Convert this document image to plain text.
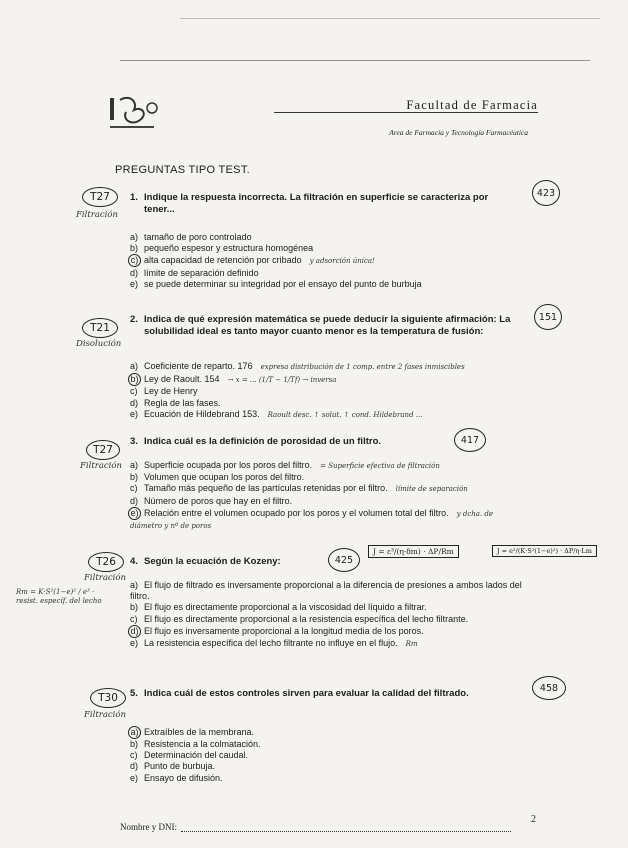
Facultad de Farmacia
Area de Farmacia y Tecnología Farmacéutica
PREGUNTAS TIPO TEST.
T27
Filtración
1. Indique la respuesta incorrecta. La filtración en superficie se caracteriza por tener...
423
a) tamaño de poro controlado
b) pequeño espesor y estructura homogénea
c) alta capacidad de retención por cribado y adsorción única!
d) límite de separación definido
e) se puede determinar su integridad por el ensayo del punto de burbuja
T21
Disolución
2. Indica de qué expresión matemática se puede deducir la siguiente afirmación: La solubilidad ideal es tanto mayor cuanto menor es la temperatura de fusión:
151
a) Coeficiente de reparto. 176 expresa distribución de 1 comp. entre 2 fases inmiscibles
b) Ley de Raoult. 154 → x = ... (1/T − 1/Tf) → inversa
c) Ley de Henry
d) Regla de las fases.
e) Ecuación de Hildebrand 153. Raoult desc. ↑ solut. ↑ cond. Hildebrand ...
T27
Filtración
3. Indica cuál es la definición de porosidad de un filtro.	417
a) Superficie ocupada por los poros del filtro. = Superficie efectiva de filtración
b) Volumen que ocupan los poros del filtro.
c) Tamaño más pequeño de las partículas retenidas por el filtro. límite de separación
d) Número de poros que hay en el filtro.
e) Relación entre el volumen ocupado por los poros y el volumen total del filtro. y dcha. de diámetro y nº de poros
T26
Filtración
Rm = K·S²(1−e)² / e³ · resist. específ. del lecho
4. Según la ecuación de Kozeny:	425
J = ε³/(η·δm) · ΔP/Rm	J = e³/(K·S²(1−e)²) · ΔP/η·Lm
a) El flujo de filtrado es inversamente proporcional a la diferencia de presiones a ambos lados del filtro.
b) El flujo es directamente proporcional a la viscosidad del líquido a filtrar.
c) El flujo es directamente proporcional a la resistencia específica del lecho filtrante.
d) El flujo es inversamente proporcional a la longitud media de los poros.
e) La resistencia específica del lecho filtrante no influye en el flujo. Rm
T30
Filtración
5. Indica cuál de estos controles sirven para evaluar la calidad del filtrado.	458
a) Extraíbles de la membrana.
b) Resistencia a la colmatación.
c) Determinación del caudal.
d) Punto de burbuja.
e) Ensayo de difusión.
Nombre y DNI:
2
